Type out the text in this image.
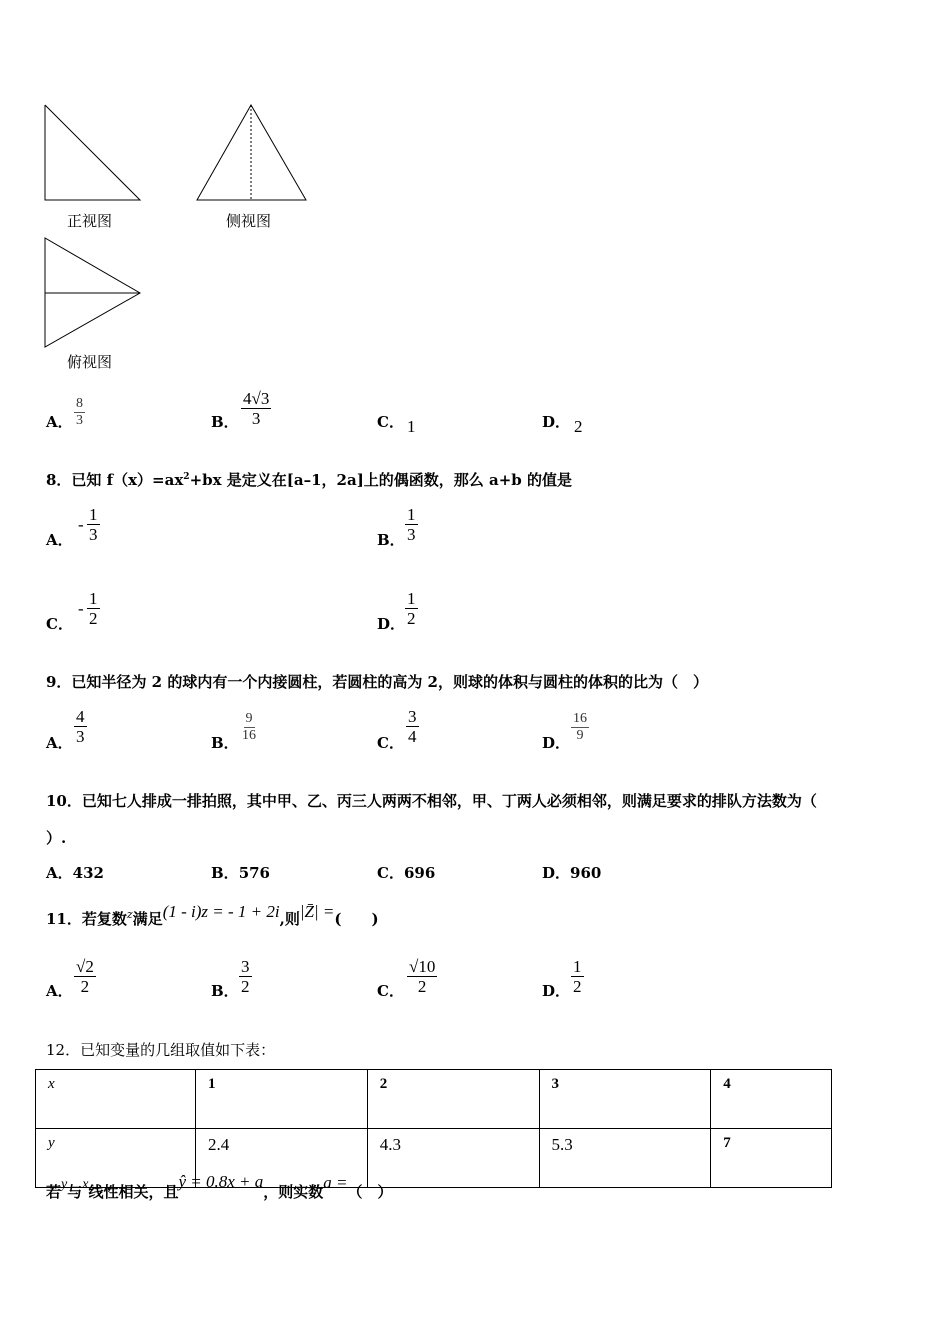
正视图	侧视图
俯视图
A． $\frac{8}{3}$	B． $\frac{4√3}{3}$	C． 1	D． 2
8．已知 $f(x)=ax^2+bx$ 是定义在[a–1，2a]上的偶函数，那么 a+b 的值是
A．
- $\frac{1}{3}$	B． $\frac{1}{3}$
C．
- $\frac{1}{2}$	D． $\frac{1}{2}$
9．已知半径为 2 的球内有一个内接圆柱，若圆柱的高为 2，则球的体积与圆柱的体积的比为（　）
A． $\frac{4}{3}$	B． $\frac{9}{16}$	C． $\frac{3}{4}$	D． $\frac{16}{9}$
10．已知七人排成一排拍照，其中甲、乙、丙三人两两不相邻，甲、丁两人必须相邻，则满足要求的排队方法数为（
）.
A．432	B．576	C．696	D．960
11．若复数$^z$满足(1 - i)z = - 1 + 2i,则|Z̄| =(　　)
A． $\frac{√2}{2}$	B． $\frac{3}{2}$	C． $\frac{√10}{2}$	D． $\frac{1}{2}$
12．已知变量的几组取值如下表：
x	1	2	3	4
y	2.4	4.3	5.3	7
若y与x线性相关，且ŷ = 0.8x + a，则实数a =（　）
